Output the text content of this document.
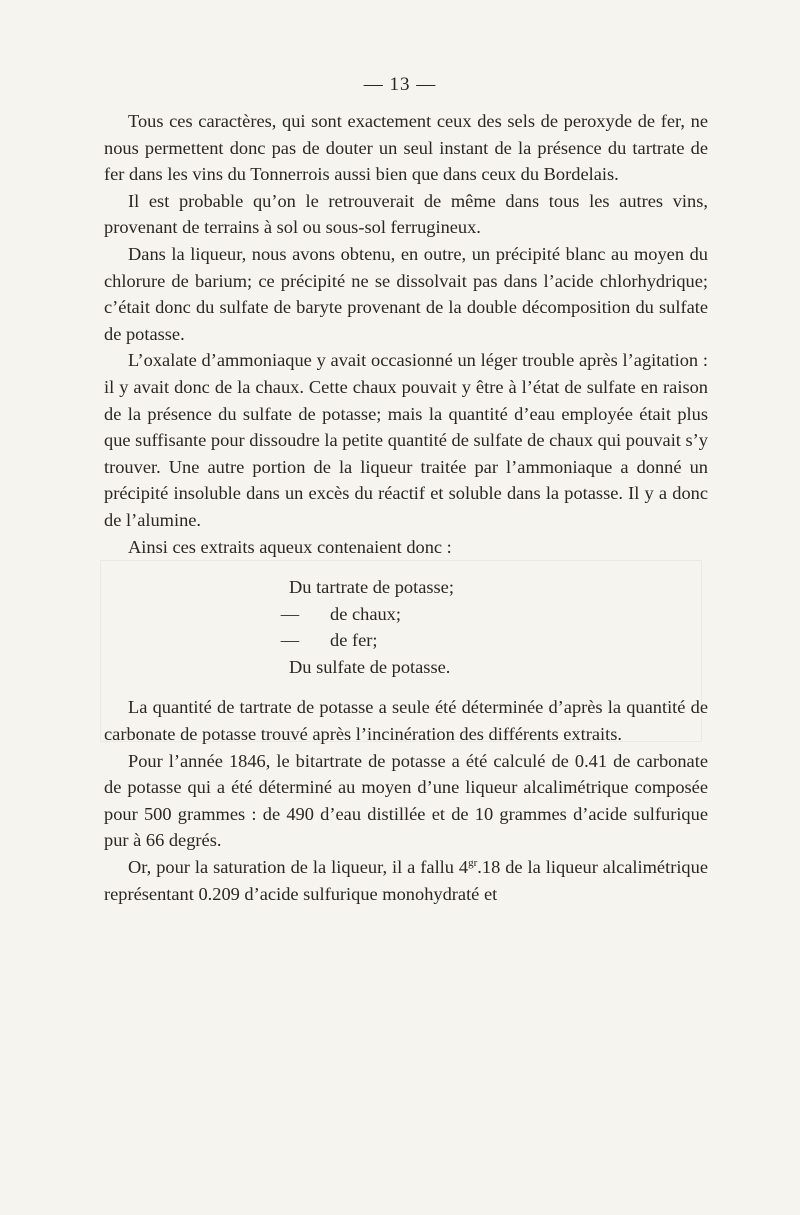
— 13 —

Tous ces caractères, qui sont exactement ceux des sels de peroxyde de fer, ne nous permettent donc pas de douter un seul instant de la présence du tartrate de fer dans les vins du Tonnerrois aussi bien que dans ceux du Bordelais.

Il est probable qu’on le retrouverait de même dans tous les autres vins, provenant de terrains à sol ou sous-sol ferrugineux.

Dans la liqueur, nous avons obtenu, en outre, un précipité blanc au moyen du chlorure de barium; ce précipité ne se dissolvait pas dans l’acide chlorhydrique; c’était donc du sulfate de baryte provenant de la double décomposition du sulfate de potasse.

L’oxalate d’ammoniaque y avait occasionné un léger trouble après l’agitation : il y avait donc de la chaux. Cette chaux pouvait y être à l’état de sulfate en raison de la présence du sulfate de potasse; mais la quantité d’eau employée était plus que suffisante pour dissoudre la petite quantité de sulfate de chaux qui pouvait s’y trouver. Une autre portion de la liqueur traitée par l’ammoniaque a donné un précipité insoluble dans un excès du réactif et soluble dans la potasse. Il y a donc de l’alumine.

Ainsi ces extraits aqueux contenaient donc :

Du tartrate de potasse;
— de chaux;
— de fer;
Du sulfate de potasse.

La quantité de tartrate de potasse a seule été déterminée d’après la quantité de carbonate de potasse trouvé après l’incinération des différents extraits.

Pour l’année 1846, le bitartrate de potasse a été calculé de 0.41 de carbonate de potasse qui a été déterminé au moyen d’une liqueur alcalimétrique composée pour 500 grammes : de 490 d’eau distillée et de 10 grammes d’acide sulfurique pur à 66 degrés.

Or, pour la saturation de la liqueur, il a fallu $4^{gr}.18$ de la liqueur alcalimétrique représentant 0.209 d’acide sulfurique monohydraté et
